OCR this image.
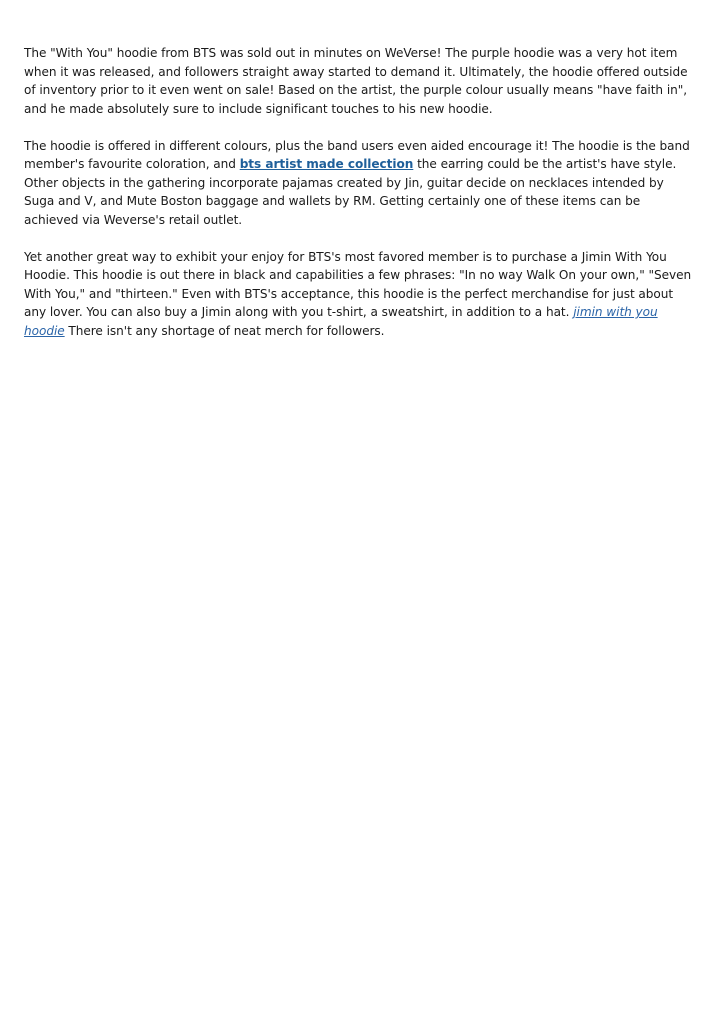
The "With You" hoodie from BTS was sold out in minutes on WeVerse! The purple hoodie was a very hot item when it was released, and followers straight away started to demand it. Ultimately, the hoodie offered outside of inventory prior to it even went on sale! Based on the artist, the purple colour usually means "have faith in", and he made absolutely sure to include significant touches to his new hoodie.

The hoodie is offered in different colours, plus the band users even aided encourage it! The hoodie is the band member's favourite coloration, and bts artist made collection the earring could be the artist's have style. Other objects in the gathering incorporate pajamas created by Jin, guitar decide on necklaces intended by Suga and V, and Mute Boston baggage and wallets by RM. Getting certainly one of these items can be achieved via Weverse's retail outlet.

Yet another great way to exhibit your enjoy for BTS's most favored member is to purchase a Jimin With You Hoodie. This hoodie is out there in black and capabilities a few phrases: "In no way Walk On your own," "Seven With You," and "thirteen." Even with BTS's acceptance, this hoodie is the perfect merchandise for just about any lover. You can also buy a Jimin along with you t-shirt, a sweatshirt, in addition to a hat. jimin with you hoodie There isn't any shortage of neat merch for followers.
